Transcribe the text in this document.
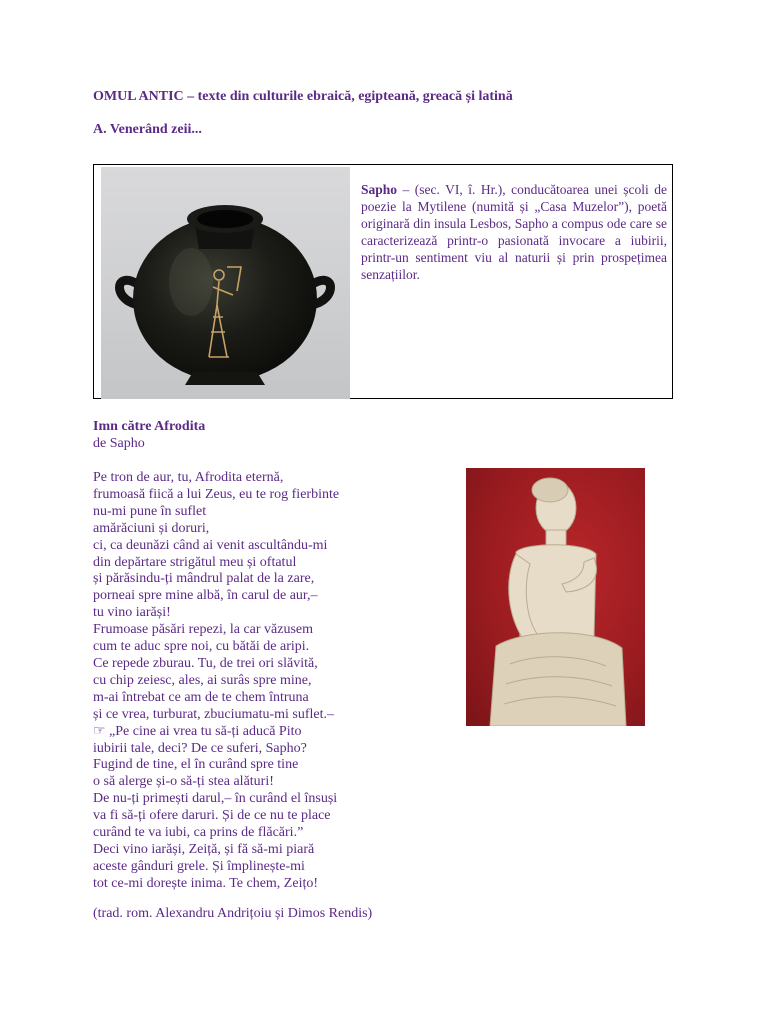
OMUL ANTIC – texte din culturile ebraică, egipteană, greacă și latină
A. Venerând zeii...
Sapho – (sec. VI, î. Hr.), conducătoarea unei școli de poezie la Mytilene (numită și „Casa Muzelor”), poetă originară din insula Lesbos, Sapho a compus ode care se caracterizează printr-o pasionată invocare a iubirii, printr-un sentiment viu al naturii și prin prospețimea senzațiilor.
Imn către Afrodita
de Sapho
Pe tron de aur, tu, Afrodita eternă,
frumoasă fiică a lui Zeus, eu te rog fierbinte
nu-mi pune în suflet
amărăciuni și doruri,
ci, ca deunăzi când ai venit ascultându-mi
din depărtare strigătul meu și oftatul
și părăsindu-ți mândrul palat de la zare,
porneai spre mine albă, în carul de aur,–
tu vino iarăși!
Frumoase păsări repezi, la car văzusem
cum te aduc spre noi, cu bătăi de aripi.
Ce repede zburau. Tu, de trei ori slăvită,
cu chip zeiesc, ales, ai surâs spre mine,
m-ai întrebat ce am de te chem întruna
și ce vrea, turburat, zbuciumatu-mi suflet.–
☞ „Pe cine ai vrea tu să-ți aducă Pito
iubirii tale, deci? De ce suferi, Sapho?
Fugind de tine, el în curând spre tine
o să alerge și-o să-ți stea alături!
De nu-ți primești darul,– în curând el însuși
va fi să-ți ofere daruri. Și de ce nu te place
curând te va iubi, ca prins de flăcări.”
Deci vino iarăși, Zeiță, și fă să-mi piară
aceste gânduri grele. Și împlinește-mi
tot ce-mi dorește inima. Te chem, Zeițo!
(trad. rom. Alexandru Andrițoiu și Dimos Rendis)
